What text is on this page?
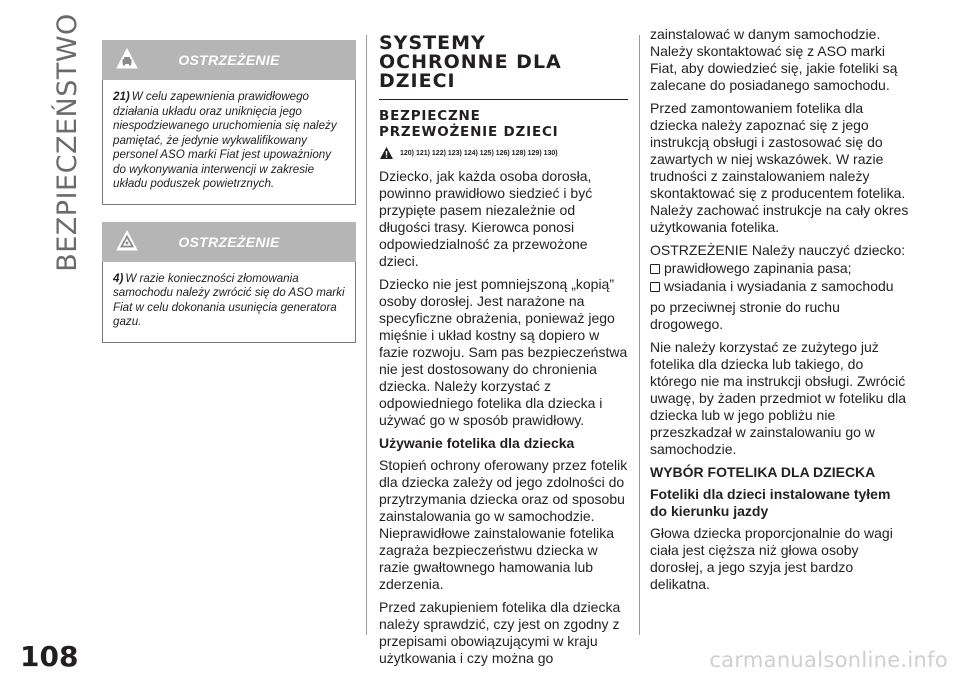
BEZPIECZEŃSTWO	OSTRZEŻENIE
21) W celu zapewnienia prawidłowego działania układu oraz uniknięcia jego niespodziewanego uruchomienia się należy pamiętać, że jedynie wykwalifikowany personel ASO marki Fiat jest upoważniony do wykonywania interwencji w zakresie układu poduszek powietrznych.
OSTRZEŻENIE
4) W razie konieczności złomowania samochodu należy zwrócić się do ASO marki Fiat w celu dokonania usunięcia generatora gazu.
SYSTEMY
OCHRONNE DLA
DZIECI
BEZPIECZNE
PRZEWOŻENIE DZIECI
120) 121) 122) 123) 124) 125) 126) 128) 129) 130)

Dziecko, jak każda osoba dorosła, powinno prawidłowo siedzieć i być przypięte pasem niezależnie od długości trasy. Kierowca ponosi odpowiedzialność za przewożone dzieci.

Dziecko nie jest pomniejszoną „kopią” osoby dorosłej. Jest narażone na specyficzne obrażenia, ponieważ jego mięśnie i układ kostny są dopiero w fazie rozwoju. Sam pas bezpieczeństwa nie jest dostosowany do chronienia dziecka. Należy korzystać z odpowiedniego fotelika dla dziecka i używać go w sposób prawidłowy.

Używanie fotelika dla dziecka

Stopień ochrony oferowany przez fotelik dla dziecka zależy od jego zdolności do przytrzymania dziecka oraz od sposobu zainstalowania go w samochodzie. Nieprawidłowe zainstalowanie fotelika zagraża bezpieczeństwu dziecka w razie gwałtownego hamowania lub zderzenia.

Przed zakupieniem fotelika dla dziecka należy sprawdzić, czy jest on zgodny z przepisami obowiązującymi w kraju użytkowania i czy można go

zainstalować w danym samochodzie. Należy skontaktować się z ASO marki Fiat, aby dowiedzieć się, jakie foteliki są zalecane do posiadanego samochodu.

Przed zamontowaniem fotelika dla dziecka należy zapoznać się z jego instrukcją obsługi i zastosować się do zawartych w niej wskazówek. W razie trudności z zainstalowaniem należy skontaktować się z producentem fotelika. Należy zachować instrukcje na cały okres użytkowania fotelika.

OSTRZEŻENIE Należy nauczyć dziecko:

prawidłowego zapinania pasa;
wsiadania i wysiadania z samochodu

po przeciwnej stronie do ruchu drogowego.

Nie należy korzystać ze zużytego już fotelika dla dziecka lub takiego, do którego nie ma instrukcji obsługi. Zwrócić uwagę, by żaden przedmiot w foteliku dla dziecka lub w jego pobliżu nie przeszkadzał w zainstalowaniu go w samochodzie.

WYBÓR FOTELIKA DLA DZIECKA
Foteliki dla dzieci instalowane tyłem
do kierunku jazdy

Głowa dziecka proporcjonalnie do wagi ciała jest cięższa niż głowa osoby dorosłej, a jego szyja jest bardzo delikatna.

108	carmanualsonline.info
